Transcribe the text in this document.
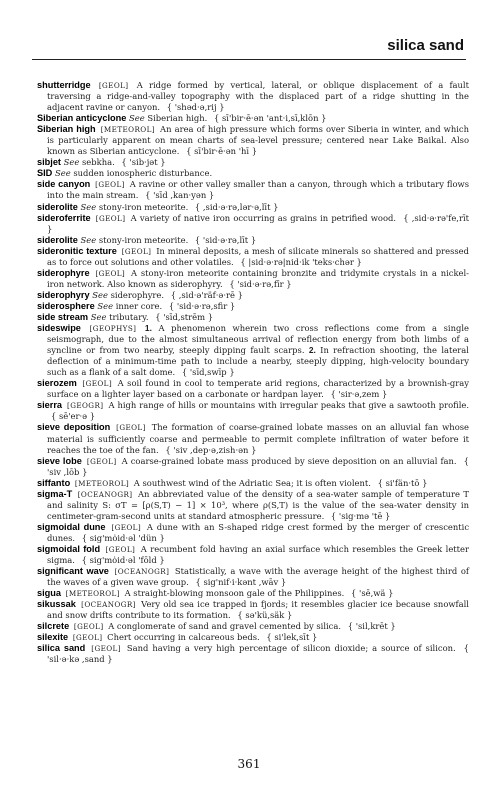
silica sand

shutterridge [GEOL] A ridge formed by vertical, lateral, or oblique displacement of a fault traversing a ridge-and-valley topography with the displaced part of a ridge shutting in the adjacent ravine or canyon. { 'shəd·ə,rij }

Siberian anticyclone See Siberian high. { sī'bir·ē·ən 'ant·i,sī,klōn }

Siberian high [METEOROL] An area of high pressure which forms over Siberia in winter, and which is particularly apparent on mean charts of sea-level pressure; centered near Lake Baikal. Also known as Siberian anticyclone. { sī'bir·ē·ən 'hī }

sibjet See sebkha. { 'sib·jət }

SID See sudden ionospheric disturbance.

side canyon [GEOL] A ravine or other valley smaller than a canyon, through which a tributary flows into the main stream. { 'sīd ,kan·yən }

siderolite See stony-iron meteorite. { ,sid·ə·rə,lər·ə,līt }

sideroferrite [GEOL] A variety of native iron occurring as grains in petrified wood. { ,sid·ə·rə'fe,rīt }

siderolite See stony-iron meteorite. { 'sid·ə·rə,līt }

sideronitic texture [GEOL] In mineral deposits, a mesh of silicate minerals so shattered and pressed as to force out solutions and other volatiles. { |sid·ə·rə|nid·ik 'teks·chər }

siderophyre [GEOL] A stony-iron meteorite containing bronzite and tridymite crystals in a nickel-iron network. Also known as siderophyry. { 'sid·ə·rə,fīr }

siderophyry See siderophyre. { ,sid·ə'räf·ə·rē }

siderosphere See inner core. { 'sid·ə·rə,sfir }

side stream See tributary. { 'sīd,strēm }

sideswipe [GEOPHYS] 1. A phenomenon wherein two cross reflections come from a single seismograph, due to the almost simultaneous arrival of reflection energy from both limbs of a syncline or from two nearby, steeply dipping fault scarps. 2. In refraction shooting, the lateral deflection of a minimum-time path to include a nearby, steeply dipping, high-velocity boundary such as a flank of a salt dome. { 'sīd,swīp }

sierozem [GEOL] A soil found in cool to temperate arid regions, characterized by a brownish-gray surface on a lighter layer based on a carbonate or hardpan layer. { 'sir·ə,zem }

sierra [GEOGR] A high range of hills or mountains with irregular peaks that give a sawtooth profile. { sē'er·ə }

sieve deposition [GEOL] The formation of coarse-grained lobate masses on an alluvial fan whose material is sufficiently coarse and permeable to permit complete infiltration of water before it reaches the toe of the fan. { 'siv ,dep·ə,zish·ən }

sieve lobe [GEOL] A coarse-grained lobate mass produced by sieve deposition on an alluvial fan. { 'siv ,lōb }

siffanto [METEOROL] A southwest wind of the Adriatic Sea; it is often violent. { si'fän·tō }

sigma-T [OCEANOGR] An abbreviated value of the density of a sea-water sample of temperature T and salinity S: σT = [ρ(S,T) − 1] × 10³, where ρ(S,T) is the value of the sea-water density in centimeter-gram-second units at standard atmospheric pressure. { 'sig·mə 'tē }

sigmoidal dune [GEOL] A dune with an S-shaped ridge crest formed by the merger of crescentic dunes. { sig'mȯid·əl 'dün }

sigmoidal fold [GEOL] A recumbent fold having an axial surface which resembles the Greek letter sigma. { sig'mȯid·əl 'fōld }

significant wave [OCEANOGR] Statistically, a wave with the average height of the highest third of the waves of a given wave group. { sig'nif·i·kənt ,wāv }

sigua [METEOROL] A straight-blowing monsoon gale of the Philippines. { 'sē,wä }

sikussak [OCEANOGR] Very old sea ice trapped in fjords; it resembles glacier ice because snowfall and snow drifts contribute to its formation. { sə'kü,säk }

silcrete [GEOL] A conglomerate of sand and gravel cemented by silica. { 'sil,krēt }

silexite [GEOL] Chert occurring in calcareous beds. { si'lek,sīt }

silica sand [GEOL] Sand having a very high percentage of silicon dioxide; a source of silicon. { 'sil·ə·kə ,sand }

361
